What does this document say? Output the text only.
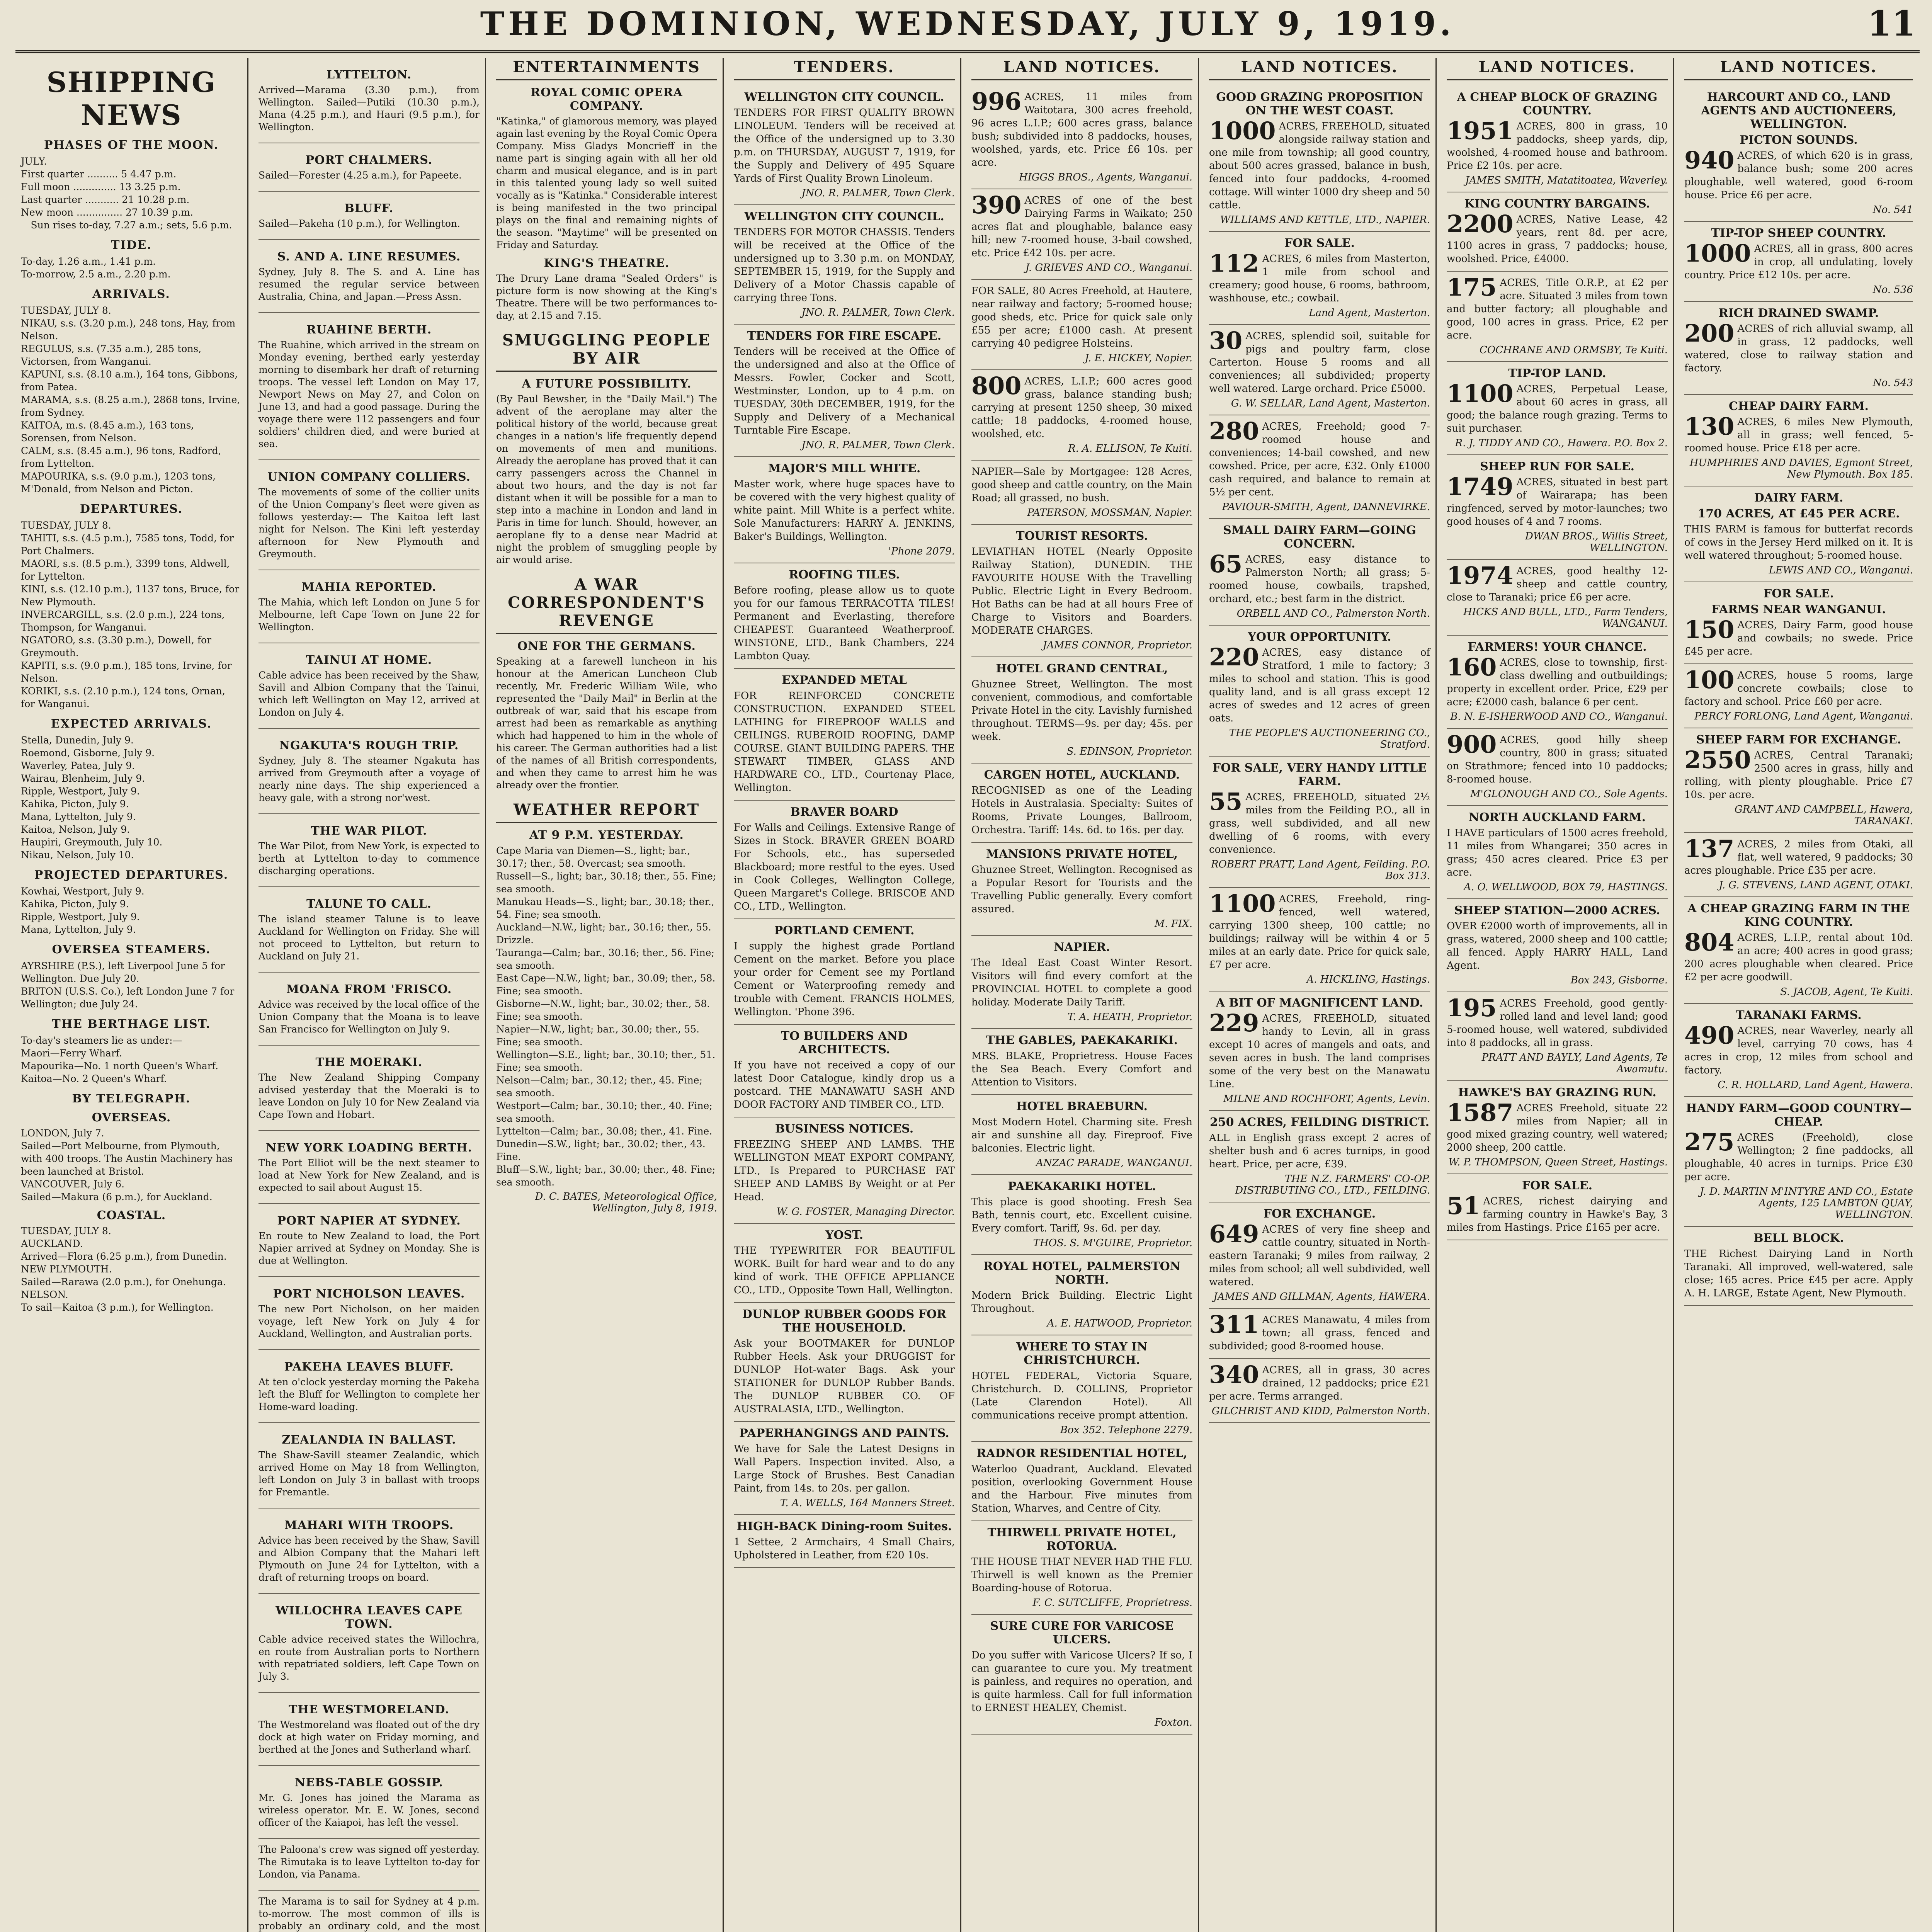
THE DOMINION, WEDNESDAY, JULY 9, 1919.	11
SHIPPING NEWS
PHASES OF THE MOON.
JULY.
First quarter .......... 5 4.47 p.m.
Full moon .............. 13 3.25 p.m.
Last quarter ........... 21 10.28 p.m.
New moon ............... 27 10.39 p.m.
Sun rises to-day, 7.27 a.m.; sets, 5.6 p.m.
TIDE.
To-day, 1.26 a.m., 1.41 p.m.
To-morrow, 2.5 a.m., 2.20 p.m.
ARRIVALS.
TUESDAY, JULY 8.
NIKAU, s.s. (3.20 p.m.), 248 tons, Hay, from Nelson.
REGULUS, s.s. (7.35 a.m.), 285 tons, Victorsen, from Wanganui.
KAPUNI, s.s. (8.10 a.m.), 164 tons, Gibbons, from Patea.
MARAMA, s.s. (8.25 a.m.), 2868 tons, Irvine, from Sydney.
KAITOA, m.s. (8.45 a.m.), 163 tons, Sorensen, from Nelson.
CALM, s.s. (8.45 a.m.), 96 tons, Radford, from Lyttelton.
MAPOURIKA, s.s. (9.0 p.m.), 1203 tons, M'Donald, from Nelson and Picton.
DEPARTURES.
TUESDAY, JULY 8.
TAHITI, s.s. (4.5 p.m.), 7585 tons, Todd, for Port Chalmers.
MAORI, s.s. (8.5 p.m.), 3399 tons, Aldwell, for Lyttelton.
KINI, s.s. (12.10 p.m.), 1137 tons, Bruce, for New Plymouth.
INVERCARGILL, s.s. (2.0 p.m.), 224 tons, Thompson, for Wanganui.
NGATORO, s.s. (3.30 p.m.), Dowell, for Greymouth.
KAPITI, s.s. (9.0 p.m.), 185 tons, Irvine, for Nelson.
KORIKI, s.s. (2.10 p.m.), 124 tons, Ornan, for Wanganui.
EXPECTED ARRIVALS.
Stella, Dunedin, July 9.
Roemond, Gisborne, July 9.
Waverley, Patea, July 9.
Wairau, Blenheim, July 9.
Ripple, Westport, July 9.
Kahika, Picton, July 9.
Mana, Lyttelton, July 9.
Kaitoa, Nelson, July 9.
Haupiri, Greymouth, July 10.
Nikau, Nelson, July 10.
PROJECTED DEPARTURES.
Kowhai, Westport, July 9.
Kahika, Picton, July 9.
Ripple, Westport, July 9.
Mana, Lyttelton, July 9.
OVERSEA STEAMERS.
AYRSHIRE (P.S.), left Liverpool June 5 for Wellington. Due July 20.
BRITON (U.S.S. Co.), left London June 7 for Wellington; due July 24.
THE BERTHAGE LIST.
To-day's steamers lie as under:—
Maori—Ferry Wharf.
Mapourika—No. 1 north Queen's Wharf.
Kaitoa—No. 2 Queen's Wharf.
BY TELEGRAPH.
OVERSEAS.
LONDON, July 7.
Sailed—Port Melbourne, from Plymouth, with 400 troops. The Austin Machinery has been launched at Bristol.
VANCOUVER, July 6.
Sailed—Makura (6 p.m.), for Auckland.
COASTAL.
TUESDAY, JULY 8.
AUCKLAND.
Arrived—Flora (6.25 p.m.), from Dunedin.
NEW PLYMOUTH.
Sailed—Rarawa (2.0 p.m.), for Onehunga.
NELSON.
To sail—Kaitoa (3 p.m.), for Wellington.
LYTTELTON.
Arrived—Marama (3.30 p.m.), from Wellington. Sailed—Putiki (10.30 p.m.), Mana (4.25 p.m.), and Hauri (9.5 p.m.), for Wellington.
PORT CHALMERS.
Sailed—Forester (4.25 a.m.), for Papeete.
BLUFF.
Sailed—Pakeha (10 p.m.), for Wellington.
S. AND A. LINE RESUMES.
Sydney, July 8. The S. and A. Line has resumed the regular service between Australia, China, and Japan.—Press Assn.
RUAHINE BERTH.
The Ruahine, which arrived in the stream on Monday evening, berthed early yesterday morning to disembark her draft of returning troops. The vessel left London on May 17, Newport News on May 27, and Colon on June 13, and had a good passage. During the voyage there were 112 passengers and four soldiers' children died, and were buried at sea.
UNION COMPANY COLLIERS.
The movements of some of the collier units of the Union Company's fleet were given as follows yesterday:— The Kaitoa left last night for Nelson. The Kini left yesterday afternoon for New Plymouth and Greymouth.
MAHIA REPORTED.
The Mahia, which left London on June 5 for Melbourne, left Cape Town on June 22 for Wellington.
TAINUI AT HOME.
Cable advice has been received by the Shaw, Savill and Albion Company that the Tainui, which left Wellington on May 12, arrived at London on July 4.
NGAKUTA'S ROUGH TRIP.
Sydney, July 8. The steamer Ngakuta has arrived from Greymouth after a voyage of nearly nine days. The ship experienced a heavy gale, with a strong nor'west.
THE WAR PILOT.
The War Pilot, from New York, is expected to berth at Lyttelton to-day to commence discharging operations.
TALUNE TO CALL.
The island steamer Talune is to leave Auckland for Wellington on Friday. She will not proceed to Lyttelton, but return to Auckland on July 21.
MOANA FROM 'FRISCO.
Advice was received by the local office of the Union Company that the Moana is to leave San Francisco for Wellington on July 9.
THE MOERAKI.
The New Zealand Shipping Company advised yesterday that the Moeraki is to leave London on July 10 for New Zealand via Cape Town and Hobart.
NEW YORK LOADING BERTH.
The Port Elliot will be the next steamer to load at New York for New Zealand, and is expected to sail about August 15.
PORT NAPIER AT SYDNEY.
En route to New Zealand to load, the Port Napier arrived at Sydney on Monday. She is due at Wellington.
PORT NICHOLSON LEAVES.
The new Port Nicholson, on her maiden voyage, left New York on July 4 for Auckland, Wellington, and Australian ports.
PAKEHA LEAVES BLUFF.
At ten o'clock yesterday morning the Pakeha left the Bluff for Wellington to complete her Home-ward loading.
ZEALANDIA IN BALLAST.
The Shaw-Savill steamer Zealandic, which arrived Home on May 18 from Wellington, left London on July 3 in ballast with troops for Fremantle.
MAHARI WITH TROOPS.
Advice has been received by the Shaw, Savill and Albion Company that the Mahari left Plymouth on June 24 for Lyttelton, with a draft of returning troops on board.
WILLOCHRA LEAVES CAPE TOWN.
Cable advice received states the Willochra, en route from Australian ports to Northern with repatriated soldiers, left Cape Town on July 3.
THE WESTMORELAND.
The Westmoreland was floated out of the dry dock at high water on Friday morning, and berthed at the Jones and Sutherland wharf.
NEBS-TABLE GOSSIP.
Mr. G. Jones has joined the Marama as wireless operator. Mr. E. W. Jones, second officer of the Kaiapoi, has left the vessel.
The Paloona's crew was signed off yesterday. The Rimutaka is to leave Lyttelton to-day for London, via Panama.
The Marama is to sail for Sydney at 4 p.m. to-morrow. The most common of ills is probably an ordinary cold, and the most
ENTERTAINMENTS
ROYAL COMIC OPERA COMPANY.
"Katinka," of glamorous memory, was played again last evening by the Royal Comic Opera Company. Miss Gladys Moncrieff in the name part is singing again with all her old charm and musical elegance, and is in part in this talented young lady so well suited vocally as is "Katinka." Considerable interest is being manifested in the two principal plays on the final and remaining nights of the season. "Maytime" will be presented on Friday and Saturday.
KING'S THEATRE.
The Drury Lane drama "Sealed Orders" is picture form is now showing at the King's Theatre. There will be two performances to-day, at 2.15 and 7.15.
SMUGGLING PEOPLE BY AIR
A FUTURE POSSIBILITY.
(By Paul Bewsher, in the "Daily Mail.") The advent of the aeroplane may alter the political history of the world, because great changes in a nation's life frequently depend on movements of men and munitions. Already the aeroplane has proved that it can carry passengers across the Channel in about two hours, and the day is not far distant when it will be possible for a man to step into a machine in London and land in Paris in time for lunch. Should, however, an aeroplane fly to a dense near Madrid at night the problem of smuggling people by air would arise.
A WAR CORRESPONDENT'S REVENGE
ONE FOR THE GERMANS.
Speaking at a farewell luncheon in his honour at the American Luncheon Club recently, Mr. Frederic William Wile, who represented the "Daily Mail" in Berlin at the outbreak of war, said that his escape from arrest had been as remarkable as anything which had happened to him in the whole of his career. The German authorities had a list of the names of all British correspondents, and when they came to arrest him he was already over the frontier.
WEATHER REPORT
AT 9 P.M. YESTERDAY.
Cape Maria van Diemen—S., light; bar., 30.17; ther., 58. Overcast; sea smooth.
Russell—S., light; bar., 30.18; ther., 55. Fine; sea smooth.
Manukau Heads—S., light; bar., 30.18; ther., 54. Fine; sea smooth.
Auckland—N.W., light; bar., 30.16; ther., 55. Drizzle.
Tauranga—Calm; bar., 30.16; ther., 56. Fine; sea smooth.
East Cape—N.W., light; bar., 30.09; ther., 58. Fine; sea smooth.
Gisborne—N.W., light; bar., 30.02; ther., 58. Fine; sea smooth.
Napier—N.W., light; bar., 30.00; ther., 55. Fine; sea smooth.
Wellington—S.E., light; bar., 30.10; ther., 51. Fine; sea smooth.
Nelson—Calm; bar., 30.12; ther., 45. Fine; sea smooth.
Westport—Calm; bar., 30.10; ther., 40. Fine; sea smooth.
Lyttelton—Calm; bar., 30.08; ther., 41. Fine.
Dunedin—S.W., light; bar., 30.02; ther., 43. Fine.
Bluff—S.W., light; bar., 30.00; ther., 48. Fine; sea smooth.
D. C. BATES, Meteorological Office, Wellington, July 8, 1919.
TENDERS.
WELLINGTON CITY COUNCIL.
TENDERS FOR FIRST QUALITY BROWN LINOLEUM. Tenders will be received at the Office of the undersigned up to 3.30 p.m. on THURSDAY, AUGUST 7, 1919, for the Supply and Delivery of 495 Square Yards of First Quality Brown Linoleum.
JNO. R. PALMER, Town Clerk.
WELLINGTON CITY COUNCIL.
TENDERS FOR MOTOR CHASSIS. Tenders will be received at the Office of the undersigned up to 3.30 p.m. on MONDAY, SEPTEMBER 15, 1919, for the Supply and Delivery of a Motor Chassis capable of carrying three Tons.
JNO. R. PALMER, Town Clerk.
TENDERS FOR FIRE ESCAPE.
Tenders will be received at the Office of the undersigned and also at the Office of Messrs. Fowler, Cocker and Scott, Westminster, London, up to 4 p.m. on TUESDAY, 30th DECEMBER, 1919, for the Supply and Delivery of a Mechanical Turntable Fire Escape.
JNO. R. PALMER, Town Clerk.
MAJOR'S MILL WHITE.
Master work, where huge spaces have to be covered with the very highest quality of white paint. Mill White is a perfect white. Sole Manufacturers: HARRY A. JENKINS, Baker's Buildings, Wellington.
'Phone 2079.
ROOFING TILES.
Before roofing, please allow us to quote you for our famous TERRACOTTA TILES! Permanent and Everlasting, therefore CHEAPEST. Guaranteed Weatherproof. WINSTONE, LTD., Bank Chambers, 224 Lambton Quay.
EXPANDED METAL
FOR REINFORCED CONCRETE CONSTRUCTION. EXPANDED STEEL LATHING for FIREPROOF WALLS and CEILINGS. RUBEROID ROOFING, DAMP COURSE. GIANT BUILDING PAPERS. THE STEWART TIMBER, GLASS AND HARDWARE CO., LTD., Courtenay Place, Wellington.
BRAVER BOARD
For Walls and Ceilings. Extensive Range of Sizes in Stock. BRAVER GREEN BOARD For Schools, etc., has superseded Blackboard; more restful to the eyes. Used in Cook Colleges, Wellington College, Queen Margaret's College. BRISCOE AND CO., LTD., Wellington.
PORTLAND CEMENT.
I supply the highest grade Portland Cement on the market. Before you place your order for Cement see my Portland Cement or Waterproofing remedy and trouble with Cement. FRANCIS HOLMES, Wellington. 'Phone 396.
TO BUILDERS AND ARCHITECTS.
If you have not received a copy of our latest Door Catalogue, kindly drop us a postcard. THE MANAWATU SASH AND DOOR FACTORY AND TIMBER CO., LTD.
BUSINESS NOTICES.
FREEZING SHEEP AND LAMBS. THE WELLINGTON MEAT EXPORT COMPANY, LTD., Is Prepared to PURCHASE FAT SHEEP AND LAMBS By Weight or at Per Head.
W. G. FOSTER, Managing Director.
YOST.
THE TYPEWRITER FOR BEAUTIFUL WORK. Built for hard wear and to do any kind of work. THE OFFICE APPLIANCE CO., LTD., Opposite Town Hall, Wellington.
DUNLOP RUBBER GOODS FOR THE HOUSEHOLD.
Ask your BOOTMAKER for DUNLOP Rubber Heels. Ask your DRUGGIST for DUNLOP Hot-water Bags. Ask your STATIONER for DUNLOP Rubber Bands. The DUNLOP RUBBER CO. OF AUSTRALASIA, LTD., Wellington.
PAPERHANGINGS AND PAINTS.
We have for Sale the Latest Designs in Wall Papers. Inspection invited. Also, a Large Stock of Brushes. Best Canadian Paint, from 14s. to 20s. per gallon.
T. A. WELLS, 164 Manners Street.
HIGH-BACK Dining-room Suites.
1 Settee, 2 Armchairs, 4 Small Chairs, Upholstered in Leather, from £20 10s.
LAND NOTICES.
996 ACRES, 11 miles from Waitotara, 300 acres freehold, 96 acres L.I.P.; 600 acres grass, balance bush; subdivided into 8 paddocks, houses, woolshed, yards, etc. Price £6 10s. per acre.
HIGGS BROS., Agents, Wanganui.
390 ACRES of one of the best Dairying Farms in Waikato; 250 acres flat and ploughable, balance easy hill; new 7-roomed house, 3-bail cowshed, etc. Price £42 10s. per acre.
J. GRIEVES AND CO., Wanganui.
FOR SALE, 80 Acres Freehold, at Hautere, near railway and factory; 5-roomed house; good sheds, etc. Price for quick sale only £55 per acre; £1000 cash. At present carrying 40 pedigree Holsteins.
J. E. HICKEY, Napier.
800 ACRES, L.I.P.; 600 acres good grass, balance standing bush; carrying at present 1250 sheep, 30 mixed cattle; 18 paddocks, 4-roomed house, woolshed, etc.
R. A. ELLISON, Te Kuiti.
NAPIER—Sale by Mortgagee: 128 Acres, good sheep and cattle country, on the Main Road; all grassed, no bush.
PATERSON, MOSSMAN, Napier.
TOURIST RESORTS.
LEVIATHAN HOTEL (Nearly Opposite Railway Station), DUNEDIN. THE FAVOURITE HOUSE With the Travelling Public. Electric Light in Every Bedroom. Hot Baths can be had at all hours Free of Charge to Visitors and Boarders. MODERATE CHARGES.
JAMES CONNOR, Proprietor.
HOTEL GRAND CENTRAL,
Ghuznee Street, Wellington. The most convenient, commodious, and comfortable Private Hotel in the city. Lavishly furnished throughout. TERMS—9s. per day; 45s. per week.
S. EDINSON, Proprietor.
CARGEN HOTEL, AUCKLAND.
RECOGNISED as one of the Leading Hotels in Australasia. Specialty: Suites of Rooms, Private Lounges, Ballroom, Orchestra. Tariff: 14s. 6d. to 16s. per day.
MANSIONS PRIVATE HOTEL,
Ghuznee Street, Wellington. Recognised as a Popular Resort for Tourists and the Travelling Public generally. Every comfort assured.
M. FIX.
NAPIER.
The Ideal East Coast Winter Resort. Visitors will find every comfort at the PROVINCIAL HOTEL to complete a good holiday. Moderate Daily Tariff.
T. A. HEATH, Proprietor.
THE GABLES, PAEKAKARIKI.
MRS. BLAKE, Proprietress. House Faces the Sea Beach. Every Comfort and Attention to Visitors.
HOTEL BRAEBURN.
Most Modern Hotel. Charming site. Fresh air and sunshine all day. Fireproof. Five balconies. Electric light.
ANZAC PARADE, WANGANUI.
PAEKAKARIKI HOTEL.
This place is good shooting. Fresh Sea Bath, tennis court, etc. Excellent cuisine. Every comfort. Tariff, 9s. 6d. per day.
THOS. S. M'GUIRE, Proprietor.
ROYAL HOTEL, PALMERSTON NORTH.
Modern Brick Building. Electric Light Throughout.
A. E. HATWOOD, Proprietor.
WHERE TO STAY IN CHRISTCHURCH.
HOTEL FEDERAL, Victoria Square, Christchurch. D. COLLINS, Proprietor (Late Clarendon Hotel). All communications receive prompt attention.
Box 352. Telephone 2279.
RADNOR RESIDENTIAL HOTEL,
Waterloo Quadrant, Auckland. Elevated position, overlooking Government House and the Harbour. Five minutes from Station, Wharves, and Centre of City.
THIRWELL PRIVATE HOTEL, ROTORUA.
THE HOUSE THAT NEVER HAD THE FLU. Thirwell is well known as the Premier Boarding-house of Rotorua.
F. C. SUTCLIFFE, Proprietress.
SURE CURE FOR VARICOSE ULCERS.
Do you suffer with Varicose Ulcers? If so, I can guarantee to cure you. My treatment is painless, and requires no operation, and is quite harmless. Call for full information to ERNEST HEALEY, Chemist.
Foxton.
LAND NOTICES.
GOOD GRAZING PROPOSITION ON THE WEST COAST.
1000 ACRES, FREEHOLD, situated alongside railway station and one mile from township; all good country, about 500 acres grassed, balance in bush, fenced into four paddocks, 4-roomed cottage. Will winter 1000 dry sheep and 50 cattle.
WILLIAMS AND KETTLE, LTD., NAPIER.
FOR SALE.
112 ACRES, 6 miles from Masterton, 1 mile from school and creamery; good house, 6 rooms, bathroom, washhouse, etc.; cowbail.
Land Agent, Masterton.
30 ACRES, splendid soil, suitable for pigs and poultry farm, close Carterton. House 5 rooms and all conveniences; all subdivided; property well watered. Large orchard. Price £5000.
G. W. SELLAR, Land Agent, Masterton.
280 ACRES, Freehold; good 7-roomed house and conveniences; 14-bail cowshed, and new cowshed. Price, per acre, £32. Only £1000 cash required, and balance to remain at 5½ per cent.
PAVIOUR-SMITH, Agent, DANNEVIRKE.
SMALL DAIRY FARM—GOING CONCERN.
65 ACRES, easy distance to Palmerston North; all grass; 5-roomed house, cowbails, trapshed, orchard, etc.; best farm in the district.
ORBELL AND CO., Palmerston North.
YOUR OPPORTUNITY.
220 ACRES, easy distance of Stratford, 1 mile to factory; 3 miles to school and station. This is good quality land, and is all grass except 12 acres of swedes and 12 acres of green oats.
THE PEOPLE'S AUCTIONEERING CO., Stratford.
FOR SALE, VERY HANDY LITTLE FARM.
55 ACRES, FREEHOLD, situated 2½ miles from the Feilding P.O., all in grass, well subdivided, and all new dwelling of 6 rooms, with every convenience.
ROBERT PRATT, Land Agent, Feilding. P.O. Box 313.
1100 ACRES, Freehold, ring-fenced, well watered, carrying 1300 sheep, 100 cattle; no buildings; railway will be within 4 or 5 miles at an early date. Price for quick sale, £7 per acre.
A. HICKLING, Hastings.
A BIT OF MAGNIFICENT LAND.
229 ACRES, FREEHOLD, situated handy to Levin, all in grass except 10 acres of mangels and oats, and seven acres in bush. The land comprises some of the very best on the Manawatu Line.
MILNE AND ROCHFORT, Agents, Levin.
250 ACRES, FEILDING DISTRICT.
ALL in English grass except 2 acres of shelter bush and 6 acres turnips, in good heart. Price, per acre, £39.
THE N.Z. FARMERS' CO-OP. DISTRIBUTING CO., LTD., FEILDING.
FOR EXCHANGE.
649 ACRES of very fine sheep and cattle country, situated in North-eastern Taranaki; 9 miles from railway, 2 miles from school; all well subdivided, well watered.
JAMES AND GILLMAN, Agents, HAWERA.
311 ACRES Manawatu, 4 miles from town; all grass, fenced and subdivided; good 8-roomed house.
340 ACRES, all in grass, 30 acres drained, 12 paddocks; price £21 per acre. Terms arranged.
GILCHRIST AND KIDD, Palmerston North.
LAND NOTICES.
A CHEAP BLOCK OF GRAZING COUNTRY.
1951 ACRES, 800 in grass, 10 paddocks, sheep yards, dip, woolshed, 4-roomed house and bathroom. Price £2 10s. per acre.
JAMES SMITH, Matatitoatea, Waverley.
KING COUNTRY BARGAINS.
2200 ACRES, Native Lease, 42 years, rent 8d. per acre, 1100 acres in grass, 7 paddocks; house, woolshed. Price, £4000.
175 ACRES, Title O.R.P., at £2 per acre. Situated 3 miles from town and butter factory; all ploughable and good, 100 acres in grass. Price, £2 per acre.
COCHRANE AND ORMSBY, Te Kuiti.
TIP-TOP LAND.
1100 ACRES, Perpetual Lease, about 60 acres in grass, all good; the balance rough grazing. Terms to suit purchaser.
R. J. TIDDY AND CO., Hawera. P.O. Box 2.
SHEEP RUN FOR SALE.
1749 ACRES, situated in best part of Wairarapa; has been ringfenced, served by motor-launches; two good houses of 4 and 7 rooms.
DWAN BROS., Willis Street, WELLINGTON.
1974 ACRES, good healthy 12-sheep and cattle country, close to Taranaki; price £6 per acre.
HICKS AND BULL, LTD., Farm Tenders, WANGANUI.
FARMERS! YOUR CHANCE.
160 ACRES, close to township, first-class dwelling and outbuildings; property in excellent order. Price, £29 per acre; £2000 cash, balance 6 per cent.
B. N. E-ISHERWOOD AND CO., Wanganui.
900 ACRES, good hilly sheep country, 800 in grass; situated on Strathmore; fenced into 10 paddocks; 8-roomed house.
M'GLONOUGH AND CO., Sole Agents.
NORTH AUCKLAND FARM.
I HAVE particulars of 1500 acres freehold, 11 miles from Whangarei; 350 acres in grass; 450 acres cleared. Price £3 per acre.
A. O. WELLWOOD, BOX 79, HASTINGS.
SHEEP STATION—2000 ACRES.
OVER £2000 worth of improvements, all in grass, watered, 2000 sheep and 100 cattle; all fenced. Apply HARRY HALL, Land Agent.
Box 243, Gisborne.
195 ACRES Freehold, good gently-rolled land and level land; good 5-roomed house, well watered, subdivided into 8 paddocks, all in grass.
PRATT AND BAYLY, Land Agents, Te Awamutu.
HAWKE'S BAY GRAZING RUN.
1587 ACRES Freehold, situate 22 miles from Napier; all in good mixed grazing country, well watered; 2000 sheep, 200 cattle.
W. P. THOMPSON, Queen Street, Hastings.
FOR SALE.
51 ACRES, richest dairying and farming country in Hawke's Bay, 3 miles from Hastings. Price £165 per acre.
LAND NOTICES.
HARCOURT AND CO., LAND AGENTS AND AUCTIONEERS, WELLINGTON.
PICTON SOUNDS.
940 ACRES, of which 620 is in grass, balance bush; some 200 acres ploughable, well watered, good 6-room house. Price £6 per acre.
No. 541
TIP-TOP SHEEP COUNTRY.
1000 ACRES, all in grass, 800 acres in crop, all undulating, lovely country. Price £12 10s. per acre.
No. 536
RICH DRAINED SWAMP.
200 ACRES of rich alluvial swamp, all in grass, 12 paddocks, well watered, close to railway station and factory.
No. 543
CHEAP DAIRY FARM.
130 ACRES, 6 miles New Plymouth, all in grass; well fenced, 5-roomed house. Price £18 per acre.
HUMPHRIES AND DAVIES, Egmont Street, New Plymouth. Box 185.
DAIRY FARM.
170 ACRES, AT £45 PER ACRE.
THIS FARM is famous for butterfat records of cows in the Jersey Herd milked on it. It is well watered throughout; 5-roomed house.
LEWIS AND CO., Wanganui.
FOR SALE.
FARMS NEAR WANGANUI.
150 ACRES, Dairy Farm, good house and cowbails; no swede. Price £45 per acre.
100 ACRES, house 5 rooms, large concrete cowbails; close to factory and school. Price £60 per acre.
PERCY FORLONG, Land Agent, Wanganui.
SHEEP FARM FOR EXCHANGE.
2550 ACRES, Central Taranaki; 2500 acres in grass, hilly and rolling, with plenty ploughable. Price £7 10s. per acre.
GRANT AND CAMPBELL, Hawera, TARANAKI.
137 ACRES, 2 miles from Otaki, all flat, well watered, 9 paddocks; 30 acres ploughable. Price £35 per acre.
J. G. STEVENS, LAND AGENT, OTAKI.
A CHEAP GRAZING FARM IN THE KING COUNTRY.
804 ACRES, L.I.P., rental about 10d. an acre; 400 acres in good grass; 200 acres ploughable when cleared. Price £2 per acre goodwill.
S. JACOB, Agent, Te Kuiti.
TARANAKI FARMS.
490 ACRES, near Waverley, nearly all level, carrying 70 cows, has 4 acres in crop, 12 miles from school and factory.
C. R. HOLLARD, Land Agent, Hawera.
HANDY FARM—GOOD COUNTRY—CHEAP.
275 ACRES (Freehold), close Wellington; 2 fine paddocks, all ploughable, 40 acres in turnips. Price £30 per acre.
J. D. MARTIN M'INTYRE AND CO., Estate Agents, 125 LAMBTON QUAY, WELLINGTON.
BELL BLOCK.
THE Richest Dairying Land in North Taranaki. All improved, well-watered, sale close; 165 acres. Price £45 per acre. Apply A. H. LARGE, Estate Agent, New Plymouth.
